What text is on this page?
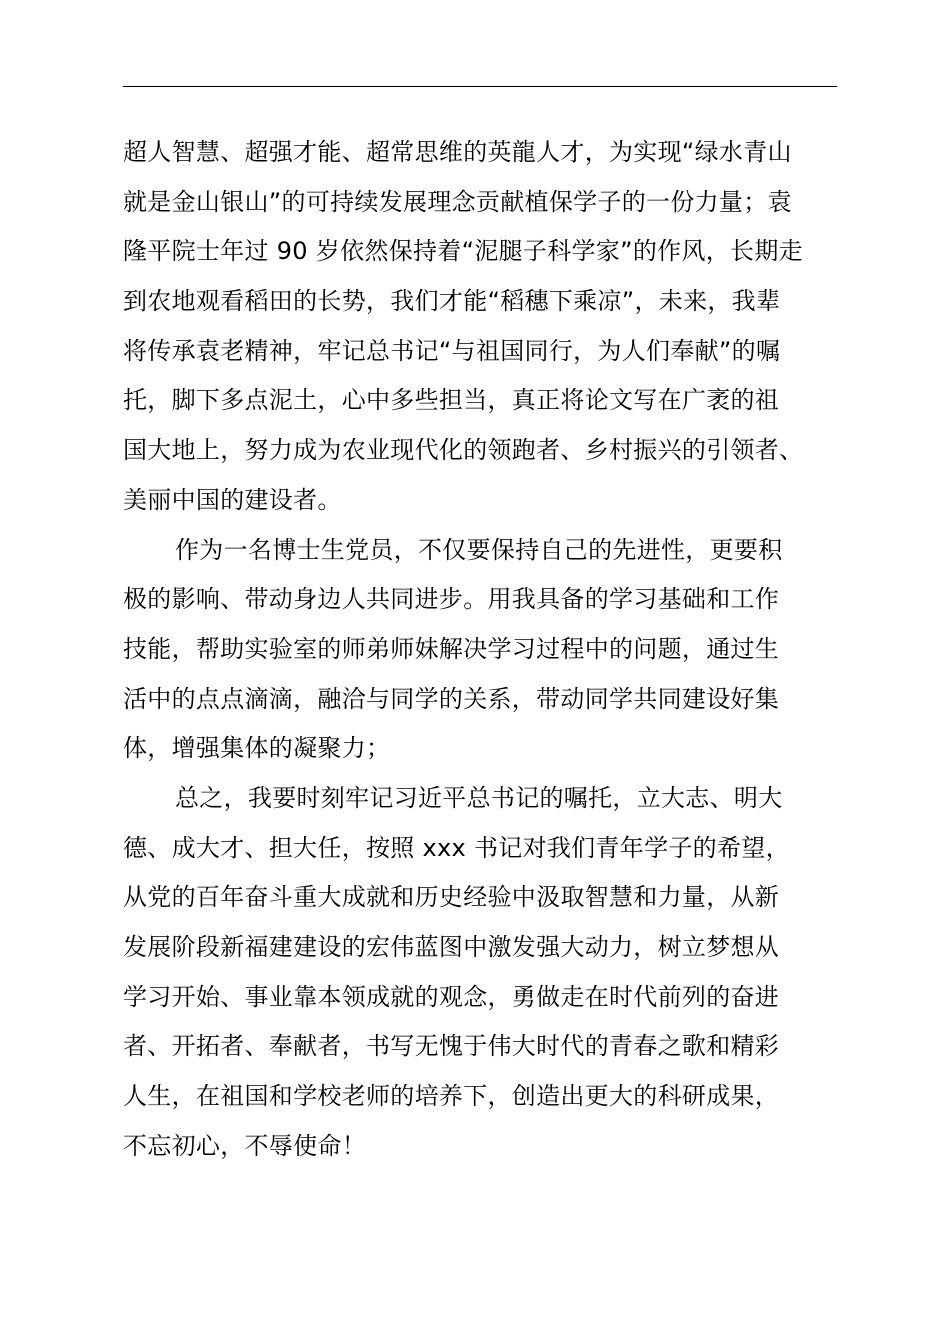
超人智慧、超强才能、超常思维的英龍人才，为实现“绿水青山
就是金山银山”的可持续发展理念贡献植保学子的一份力量；袁
隆平院士年过 90 岁依然保持着“泥腿子科学家”的作风，长期走
到农地观看稻田的长势，我们才能“稻穗下乘凉”，未来，我辈
将传承袁老精神，牢记总书记“与祖国同行，为人们奉献”的嘱
托，脚下多点泥土，心中多些担当，真正将论文写在广袤的祖
国大地上，努力成为农业现代化的领跑者、乡村振兴的引领者、
美丽中国的建设者。
作为一名博士生党员，不仅要保持自己的先进性，更要积
极的影响、带动身边人共同进步。用我具备的学习基础和工作
技能，帮助实验室的师弟师妹解决学习过程中的问题，通过生
活中的点点滴滴，融洽与同学的关系，带动同学共同建设好集
体，增强集体的凝聚力；
总之，我要时刻牢记习近平总书记的嘱托，立大志、明大
德、成大才、担大任，按照 xxx 书记对我们青年学子的希望，
从党的百年奋斗重大成就和历史经验中汲取智慧和力量，从新
发展阶段新福建建设的宏伟蓝图中激发强大动力，树立梦想从
学习开始、事业靠本领成就的观念，勇做走在时代前列的奋进
者、开拓者、奉献者，书写无愧于伟大时代的青春之歌和精彩
人生，在祖国和学校老师的培养下，创造出更大的科研成果，
不忘初心，不辱使命！
